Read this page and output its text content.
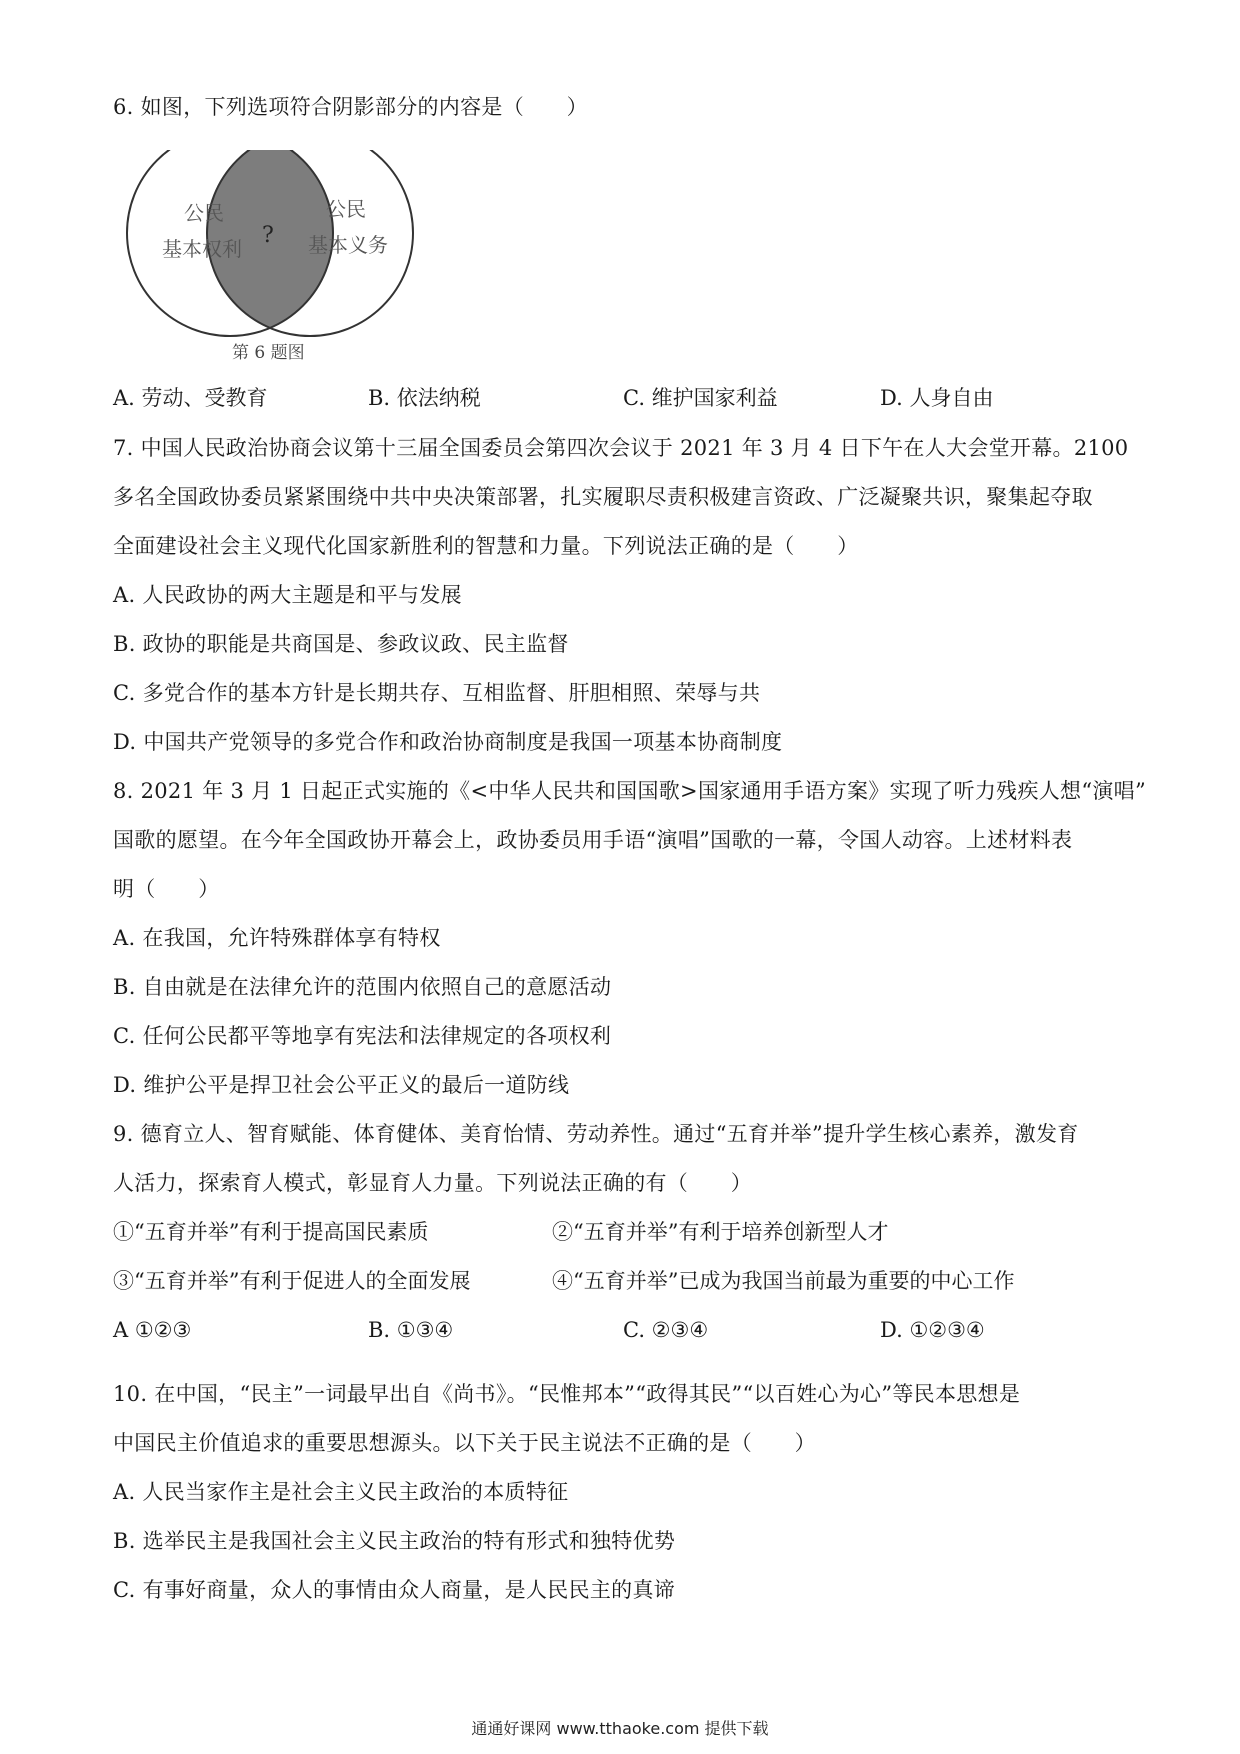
6. 如图，下列选项符合阴影部分的内容是（　　）
公民
基本权利
公民
基本义务
?
第 6 题图
A. 劳动、受教育	B. 依法纳税	C. 维护国家利益	D. 人身自由
7. 中国人民政治协商会议第十三届全国委员会第四次会议于 2021 年 3 月 4 日下午在人大会堂开幕。2100
多名全国政协委员紧紧围绕中共中央决策部署，扎实履职尽责积极建言资政、广泛凝聚共识，聚集起夺取
全面建设社会主义现代化国家新胜利的智慧和力量。下列说法正确的是（　　）
A. 人民政协的两大主题是和平与发展
B. 政协的职能是共商国是、参政议政、民主监督
C. 多党合作的基本方针是长期共存、互相监督、肝胆相照、荣辱与共
D. 中国共产党领导的多党合作和政治协商制度是我国一项基本协商制度
8. 2021 年 3 月 1 日起正式实施的《<中华人民共和国国歌>国家通用手语方案》实现了听力残疾人想“演唱”
国歌的愿望。在今年全国政协开幕会上，政协委员用手语“演唱”国歌的一幕，令国人动容。上述材料表
明（　　）
A. 在我国，允许特殊群体享有特权
B. 自由就是在法律允许的范围内依照自己的意愿活动
C. 任何公民都平等地享有宪法和法律规定的各项权利
D. 维护公平是捍卫社会公平正义的最后一道防线
9. 德育立人、智育赋能、体育健体、美育怡情、劳动养性。通过“五育并举”提升学生核心素养，激发育
人活力，探索育人模式，彰显育人力量。下列说法正确的有（　　）
①“五育并举”有利于提高国民素质	②“五育并举”有利于培养创新型人才
③“五育并举”有利于促进人的全面发展	④“五育并举”已成为我国当前最为重要的中心工作
A ①②③	B. ①③④	C. ②③④	D. ①②③④
10. 在中国，“民主”一词最早出自《尚书》。“民惟邦本”“政得其民”“以百姓心为心”等民本思想是
中国民主价值追求的重要思想源头。以下关于民主说法不正确的是（　　）
A. 人民当家作主是社会主义民主政治的本质特征
B. 选举民主是我国社会主义民主政治的特有形式和独特优势
C. 有事好商量，众人的事情由众人商量，是人民民主的真谛
通通好课网 www.tthaoke.com 提供下载
